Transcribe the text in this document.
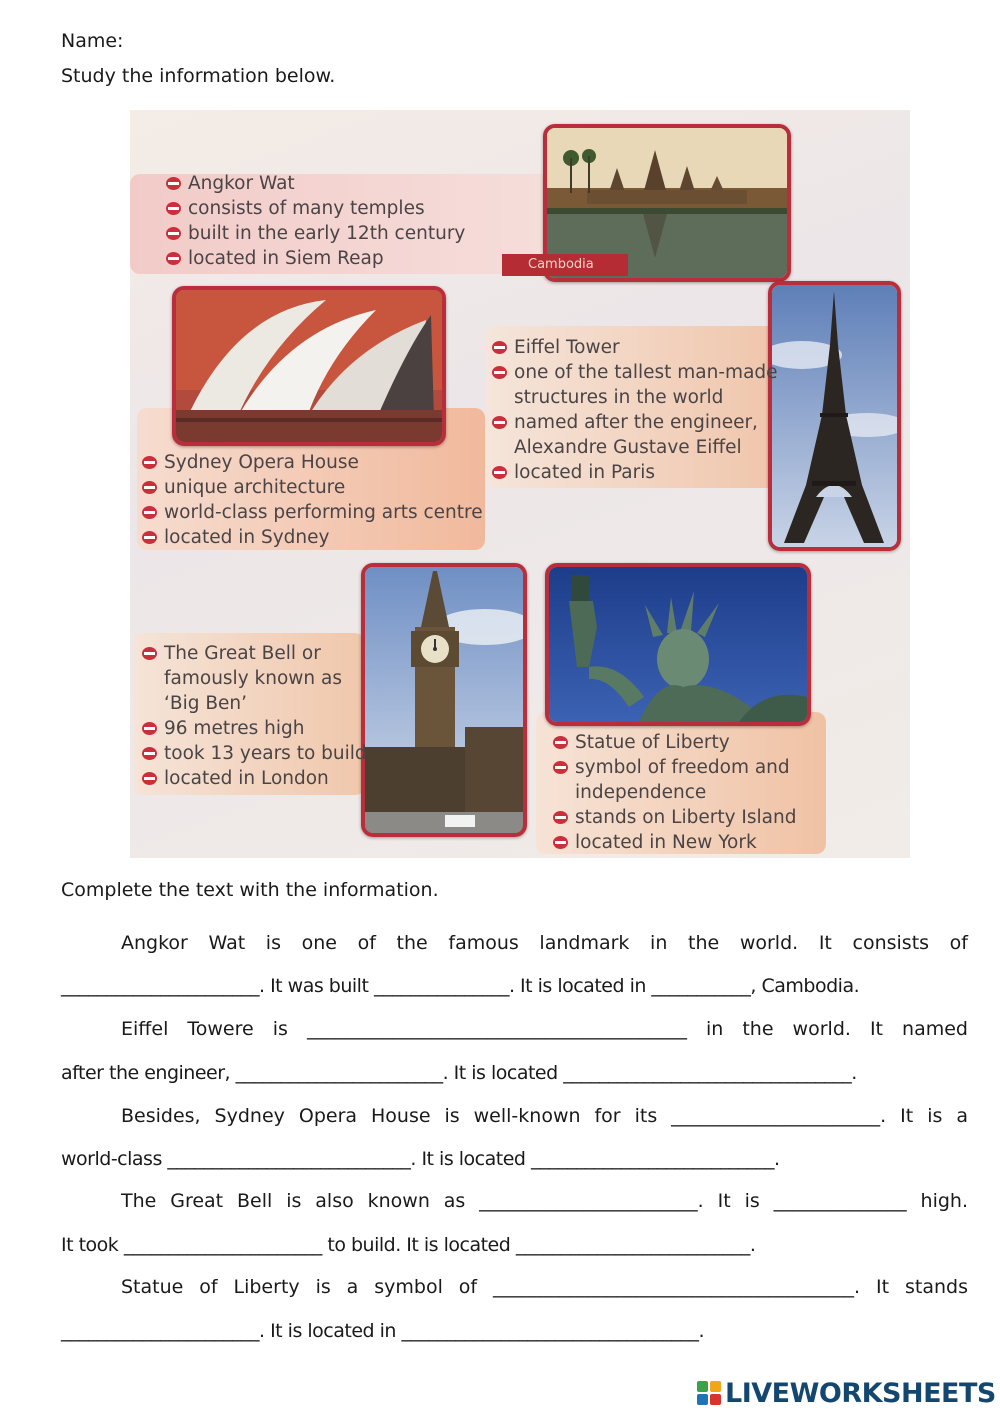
Name:
Study the information below.
Cambodia
Angkor Wat
consists of many temples
built in the early 12th century
located in Siem Reap
Sydney Opera House
unique architecture
world-class performing arts centre
located in Sydney
Eiffel Tower
one of the tallest man-made
structures in the world
named after the engineer,
Alexandre Gustave Eiffel
located in Paris
The Great Bell or
famously known as
‘Big Ben’
96 metres high
took 13 years to build
located in London
Statue of Liberty
symbol of freedom and
independence
stands on Liberty Island
located in New York
Complete the text with the information.
Angkor Wat is one of the famous landmark in the world. It consists of
______________________. It was built _______________. It is located in ___________, Cambodia.
Eiffel Towere is ________________________________________ in the world. It named
after the engineer, _______________________. It is located ________________________________.
Besides, Sydney Opera House is well-known for its ______________________. It is a
world-class ___________________________. It is located ___________________________.
The Great Bell is also known as _______________________. It is ______________ high.
It took ______________________ to build. It is located __________________________.
Statue of Liberty is a symbol of ______________________________________. It stands
______________________. It is located in _________________________________.
LIVEWORKSHEETS
